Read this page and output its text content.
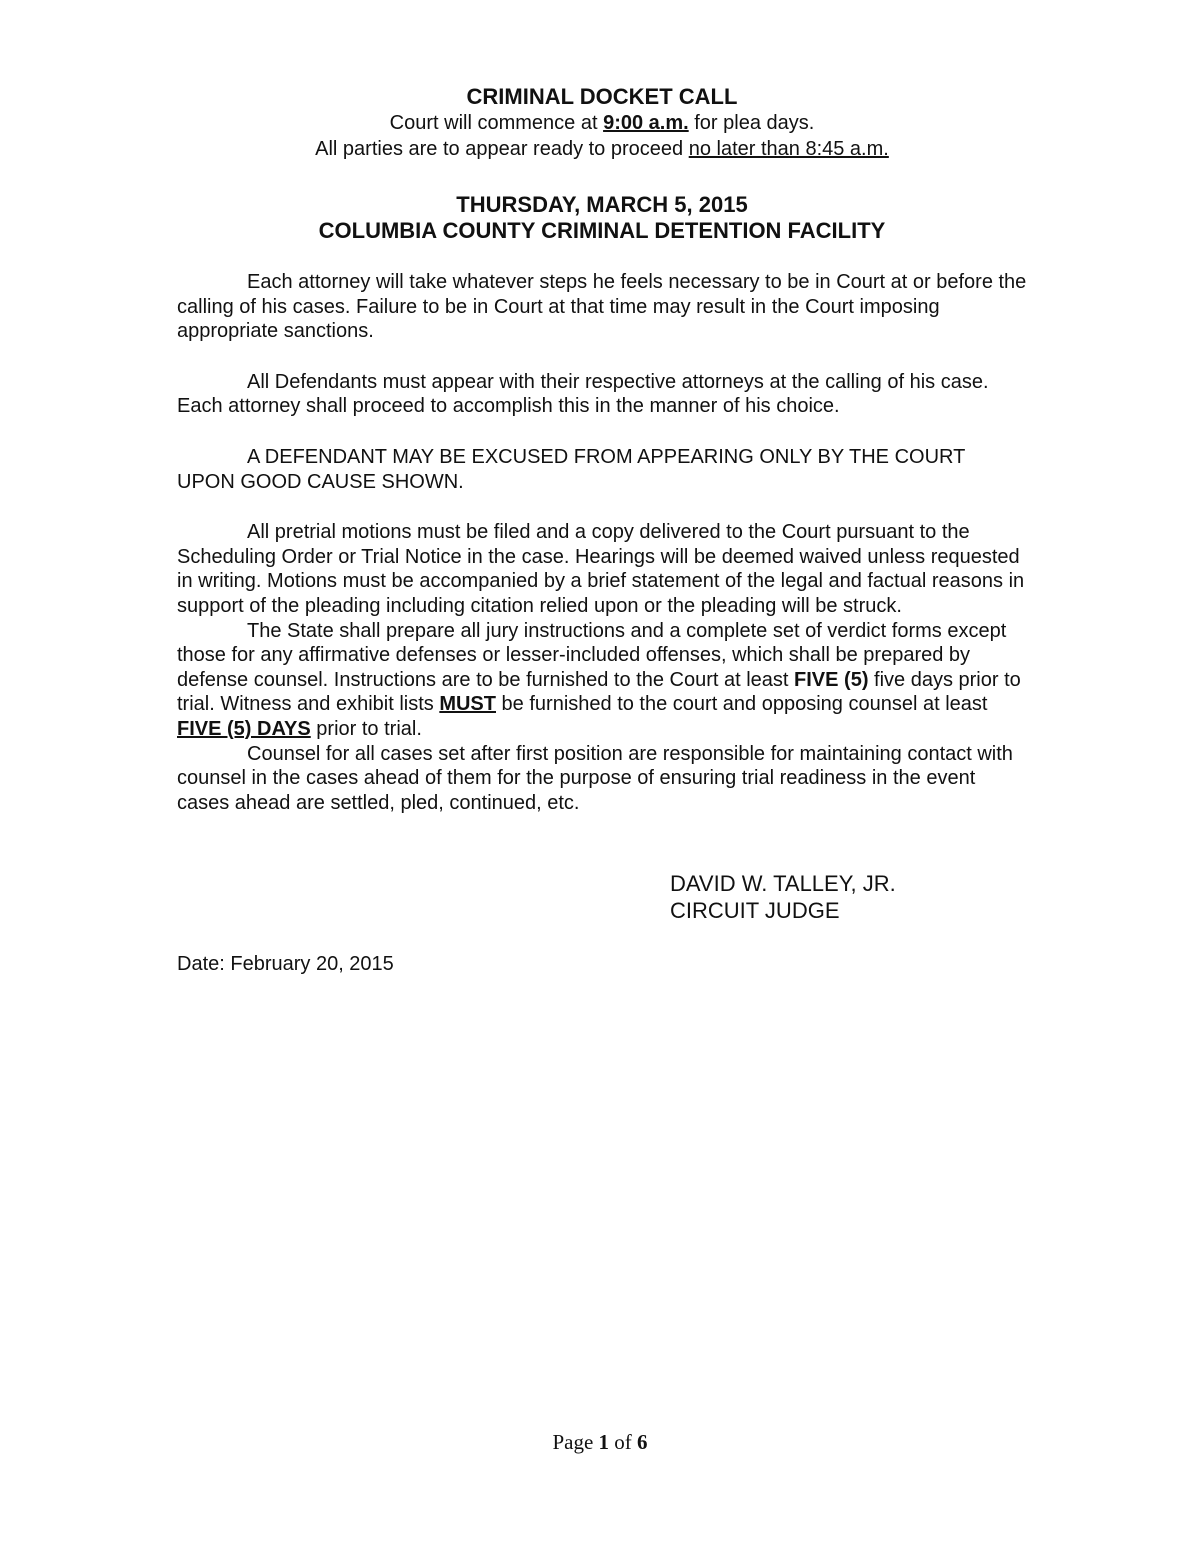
CRIMINAL DOCKET CALL

Court will commence at 9:00 a.m. for plea days.

All parties are to appear ready to proceed no later than 8:45 a.m.

THURSDAY, MARCH 5, 2015

COLUMBIA COUNTY CRIMINAL DETENTION FACILITY

Each attorney will take whatever steps he feels necessary to be in Court at or before the calling of his cases. Failure to be in Court at that time may result in the Court imposing appropriate sanctions.

All Defendants must appear with their respective attorneys at the calling of his case. Each attorney shall proceed to accomplish this in the manner of his choice.

A DEFENDANT MAY BE EXCUSED FROM APPEARING ONLY BY THE COURT UPON GOOD CAUSE SHOWN.

All pretrial motions must be filed and a copy delivered to the Court pursuant to the Scheduling Order or Trial Notice in the case. Hearings will be deemed waived unless requested in writing. Motions must be accompanied by a brief statement of the legal and factual reasons in support of the pleading including citation relied upon or the pleading will be struck.

The State shall prepare all jury instructions and a complete set of verdict forms except those for any affirmative defenses or lesser-included offenses, which shall be prepared by defense counsel. Instructions are to be furnished to the Court at least FIVE (5) five days prior to trial. Witness and exhibit lists MUST be furnished to the court and opposing counsel at least FIVE (5) DAYS prior to trial.

Counsel for all cases set after first position are responsible for maintaining contact with counsel in the cases ahead of them for the purpose of ensuring trial readiness in the event cases ahead are settled, pled, continued, etc.

DAVID W. TALLEY, JR.
CIRCUIT JUDGE
Date: February 20, 2015
Page 1 of 6
